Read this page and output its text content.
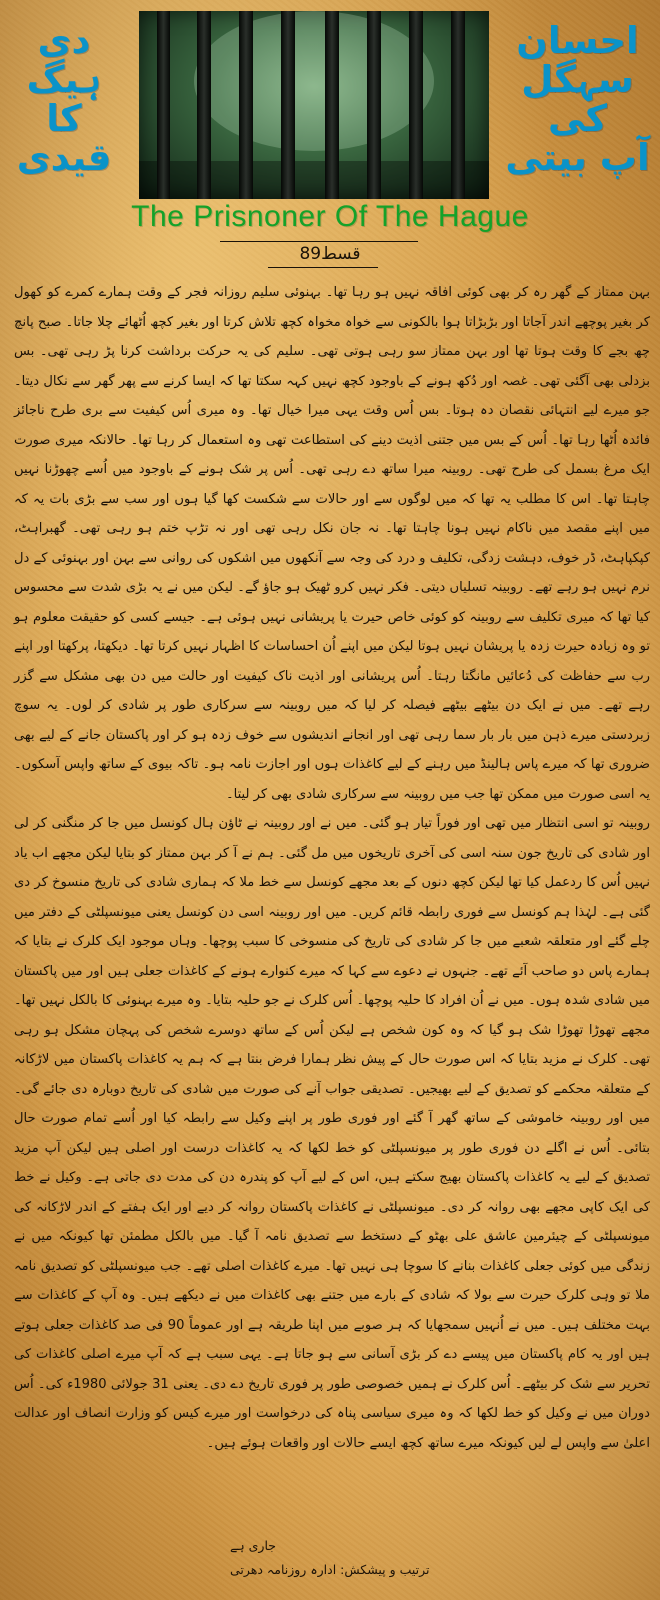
احسان سہگل
کی
آپ بیتی
دی ہیگ
کا
قیدی
The Prisnoner Of The Hague
قسط89

بہن ممتاز کے گھر رہ کر بھی کوئی افاقہ نہیں ہو رہا تھا۔ بہنوئی سلیم روزانہ فجر کے وقت ہمارے کمرے کو کھول کر بغیر پوچھے اندر آجاتا اور بڑبڑاتا ہوا بالکونی سے خواہ مخواہ کچھ تلاش کرتا اور بغیر کچھ اُٹھائے چلا جاتا۔ صبح پانچ چھ بجے کا وقت ہوتا تھا اور بہن ممتاز سو رہی ہوتی تھی۔ سلیم کی یہ حرکت برداشت کرنا پڑ رہی تھی۔ بس بزدلی بھی آگئی تھی۔ غصہ اور دُکھ ہونے کے باوجود کچھ نہیں کہہ سکتا تھا کہ ایسا کرنے سے پھر گھر سے نکال دیتا۔ جو میرے لیے انتہائی نقصان دہ ہوتا۔ بس اُس وقت یہی میرا خیال تھا۔ وہ میری اُس کیفیت سے بری طرح ناجائز فائدہ اُٹھا رہا تھا۔ اُس کے بس میں جتنی اذیت دینے کی استطاعت تھی وہ استعمال کر رہا تھا۔ حالانکہ میری صورت ایک مرغ بسمل کی طرح تھی۔ روبینہ میرا ساتھ دے رہی تھی۔ اُس پر شک ہونے کے باوجود میں اُسے چھوڑنا نہیں چاہتا تھا۔ اس کا مطلب یہ تھا کہ میں لوگوں سے اور حالات سے شکست کھا گیا ہوں اور سب سے بڑی بات یہ کہ میں اپنے مقصد میں ناکام نہیں ہونا چاہتا تھا۔ نہ جان نکل رہی تھی اور نہ تڑپ ختم ہو رہی تھی۔ گھبراہٹ، کپکپاہٹ، ڈر خوف، دہشت زدگی، تکلیف و درد کی وجہ سے آنکھوں میں اشکوں کی روانی سے بہن اور بہنوئی کے دل نرم نہیں ہو رہے تھے۔ روبینہ تسلیاں دیتی۔ فکر نہیں کرو ٹھیک ہو جاؤ گے۔ لیکن میں نے یہ بڑی شدت سے محسوس کیا تھا کہ میری تکلیف سے روبینہ کو کوئی خاص حیرت یا پریشانی نہیں ہوئی ہے۔ جیسے کسی کو حقیقت معلوم ہو تو وہ زیادہ حیرت زدہ یا پریشان نہیں ہوتا لیکن میں اپنے اُن احساسات کا اظہار نہیں کرتا تھا۔ دیکھتا، پرکھتا اور اپنے رب سے حفاظت کی دُعائیں مانگتا رہتا۔ اُس پریشانی اور اذیت ناک کیفیت اور حالت میں دن بھی مشکل سے گزر رہے تھے۔ میں نے ایک دن بیٹھے بیٹھے فیصلہ کر لیا کہ میں روبینہ سے سرکاری طور پر شادی کر لوں۔ یہ سوچ زبردستی میرے ذہن میں بار بار سما رہی تھی اور انجانے اندیشوں سے خوف زدہ ہو کر اور پاکستان جانے کے لیے بھی ضروری تھا کہ میرے پاس ہالینڈ میں رہنے کے لیے کاغذات ہوں اور اجازت نامہ ہو۔ تاکہ بیوی کے ساتھ واپس آسکوں۔ یہ اسی صورت میں ممکن تھا جب میں روبینہ سے سرکاری شادی بھی کر لیتا۔

روبینہ تو اسی انتظار میں تھی اور فوراً تیار ہو گئی۔ میں نے اور روبینہ نے ٹاؤن ہال کونسل میں جا کر منگنی کر لی اور شادی کی تاریخ جون سنہ اسی کی آخری تاریخوں میں مل گئی۔ ہم نے آ کر بہن ممتاز کو بتایا لیکن مجھے اب یاد نہیں اُس کا ردعمل کیا تھا لیکن کچھ دنوں کے بعد مجھے کونسل سے خط ملا کہ ہماری شادی کی تاریخ منسوخ کر دی گئی ہے۔ لہٰذا ہم کونسل سے فوری رابطہ قائم کریں۔ میں اور روبینہ اسی دن کونسل یعنی میونسپلٹی کے دفتر میں چلے گئے اور متعلقہ شعبے میں جا کر شادی کی تاریخ کی منسوخی کا سبب پوچھا۔ وہاں موجود ایک کلرک نے بتایا کہ ہمارے پاس دو صاحب آئے تھے۔ جنہوں نے دعوے سے کہا کہ میرے کنوارے ہونے کے کاغذات جعلی ہیں اور میں پاکستان میں شادی شدہ ہوں۔ میں نے اُن افراد کا حلیہ پوچھا۔ اُس کلرک نے جو حلیہ بتایا۔ وہ میرے بہنوئی کا بالکل نہیں تھا۔ مجھے تھوڑا تھوڑا شک ہو گیا کہ وہ کون شخص ہے لیکن اُس کے ساتھ دوسرے شخص کی پہچان مشکل ہو رہی تھی۔ کلرک نے مزید بتایا کہ اس صورت حال کے پیش نظر ہمارا فرض بنتا ہے کہ ہم یہ کاغذات پاکستان میں لاڑکانہ کے متعلقہ محکمے کو تصدیق کے لیے بھیجیں۔ تصدیقی جواب آنے کی صورت میں شادی کی تاریخ دوبارہ دی جائے گی۔ میں اور روبینہ خاموشی کے ساتھ گھر آ گئے اور فوری طور پر اپنے وکیل سے رابطہ کیا اور اُسے تمام صورت حال بتائی۔ اُس نے اگلے دن فوری طور پر میونسپلٹی کو خط لکھا کہ یہ کاغذات درست اور اصلی ہیں لیکن آپ مزید تصدیق کے لیے یہ کاغذات پاکستان بھیج سکتے ہیں، اس کے لیے آپ کو پندرہ دن کی مدت دی جاتی ہے۔ وکیل نے خط کی ایک کاپی مجھے بھی روانہ کر دی۔ میونسپلٹی نے کاغذات پاکستان روانہ کر دیے اور ایک ہفتے کے اندر لاڑکانہ کی میونسپلٹی کے چیئرمین عاشق علی بھٹو کے دستخط سے تصدیق نامہ آ گیا۔ میں بالکل مطمئن تھا کیونکہ میں نے زندگی میں کوئی جعلی کاغذات بنانے کا سوچا ہی نہیں تھا۔ میرے کاغذات اصلی تھے۔ جب میونسپلٹی کو تصدیق نامہ ملا تو وہی کلرک حیرت سے بولا کہ شادی کے بارے میں جتنے بھی کاغذات میں نے دیکھے ہیں۔ وہ آپ کے کاغذات سے بہت مختلف ہیں۔ میں نے اُنہیں سمجھایا کہ ہر صوبے میں اپنا طریقہ ہے اور عموماً 90 فی صد کاغذات جعلی ہوتے ہیں اور یہ کام پاکستان میں پیسے دے کر بڑی آسانی سے ہو جاتا ہے۔ یہی سبب ہے کہ آپ میرے اصلی کاغذات کی تحریر سے شک کر بیٹھے۔ اُس کلرک نے ہمیں خصوصی طور پر فوری تاریخ دے دی۔ یعنی 31 جولائی 1980ء کی۔ اُس دوران میں نے وکیل کو خط لکھا کہ وہ میری سیاسی پناہ کی درخواست اور میرے کیس کو وزارت انصاف اور عدالت اعلیٰ سے واپس لے لیں کیونکہ میرے ساتھ کچھ ایسے حالات اور واقعات ہوئے ہیں۔

جاری ہے
ترتیب و پیشکش: ادارہ روزنامہ دھرتی
